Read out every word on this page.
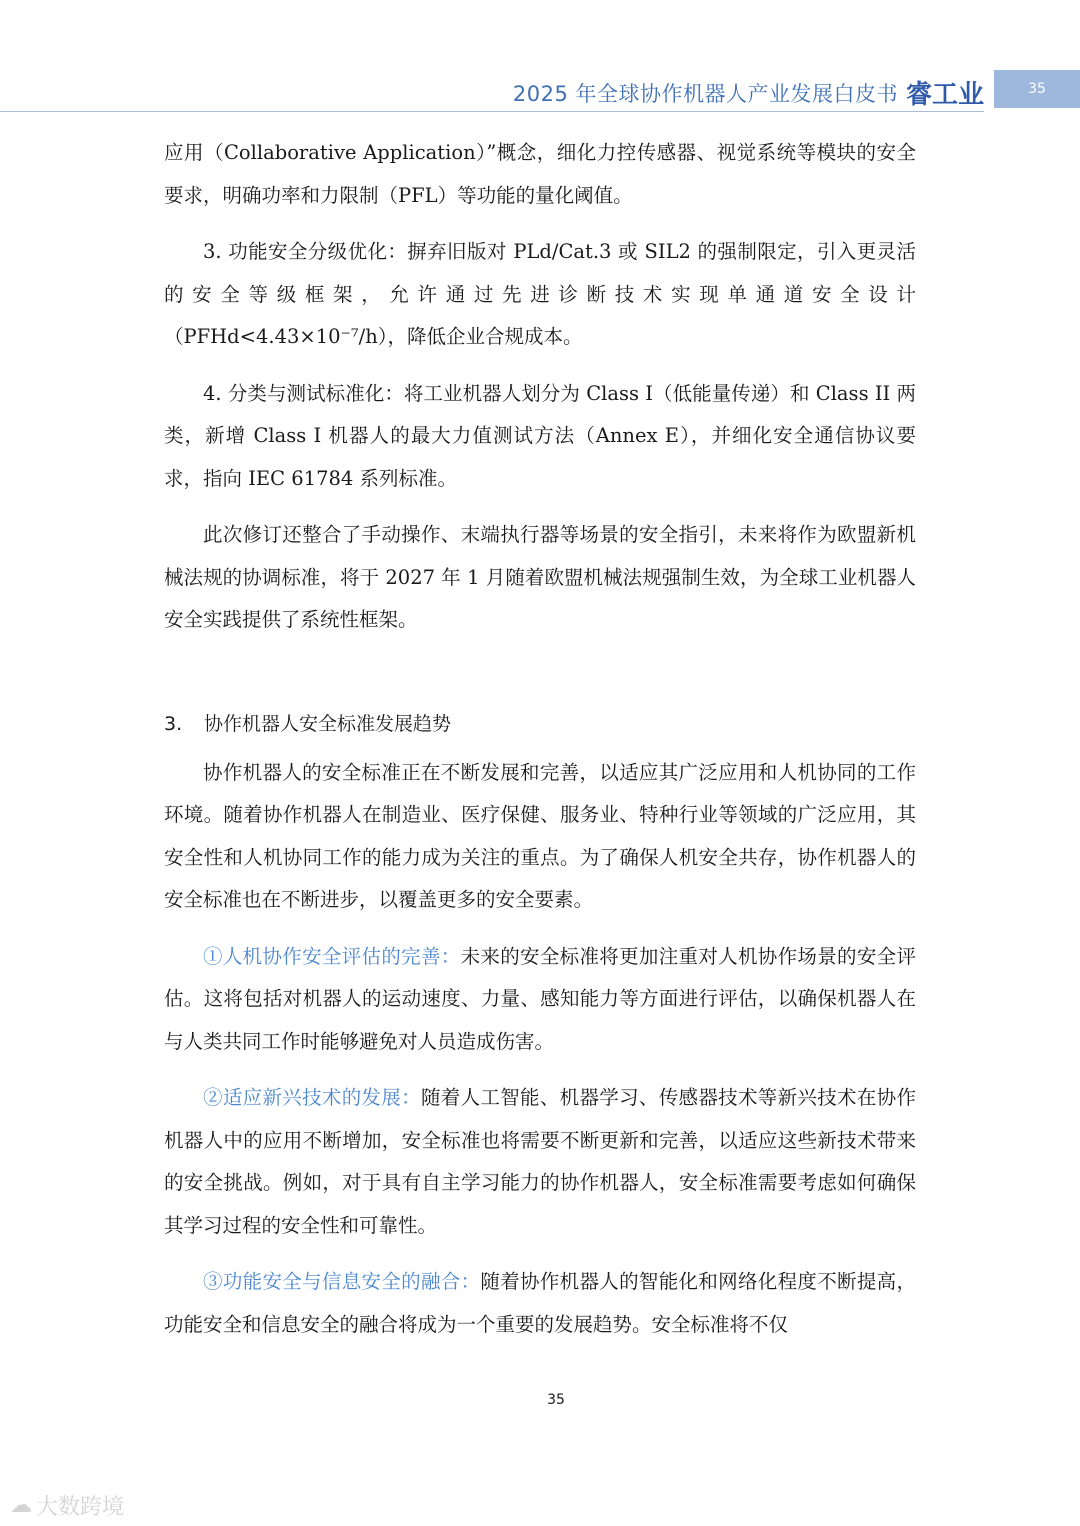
2025 年全球协作机器人产业发展白皮书 睿工业	35

应用（Collaborative Application）”概念，细化力控传感器、视觉系统等模块的安全要求，明确功率和力限制（PFL）等功能的量化阈值。

3. 功能安全分级优化：摒弃旧版对 PLd/Cat.3 或 SIL2 的强制限定，引入更灵活的安全等级框架，允许通过先进诊断技术实现单通道安全设计（PFHd<4.43×10⁻⁷/h），降低企业合规成本。

4. 分类与测试标准化：将工业机器人划分为 Class I（低能量传递）和 Class II 两类，新增 Class I 机器人的最大力值测试方法（Annex E），并细化安全通信协议要求，指向 IEC 61784 系列标准。

此次修订还整合了手动操作、末端执行器等场景的安全指引，未来将作为欧盟新机械法规的协调标准，将于 2027 年 1 月随着欧盟机械法规强制生效，为全球工业机器人安全实践提供了系统性框架。

3. 协作机器人安全标准发展趋势

协作机器人的安全标准正在不断发展和完善，以适应其广泛应用和人机协同的工作环境。随着协作机器人在制造业、医疗保健、服务业、特种行业等领域的广泛应用，其安全性和人机协同工作的能力成为关注的重点。为了确保人机安全共存，协作机器人的安全标准也在不断进步，以覆盖更多的安全要素。

①人机协作安全评估的完善：未来的安全标准将更加注重对人机协作场景的安全评估。这将包括对机器人的运动速度、力量、感知能力等方面进行评估，以确保机器人在与人类共同工作时能够避免对人员造成伤害。

②适应新兴技术的发展：随着人工智能、机器学习、传感器技术等新兴技术在协作机器人中的应用不断增加，安全标准也将需要不断更新和完善，以适应这些新技术带来的安全挑战。例如，对于具有自主学习能力的协作机器人，安全标准需要考虑如何确保其学习过程的安全性和可靠性。

③功能安全与信息安全的融合：随着协作机器人的智能化和网络化程度不断提高，功能安全和信息安全的融合将成为一个重要的发展趋势。安全标准将不仅

35
☁ 大数跨境
